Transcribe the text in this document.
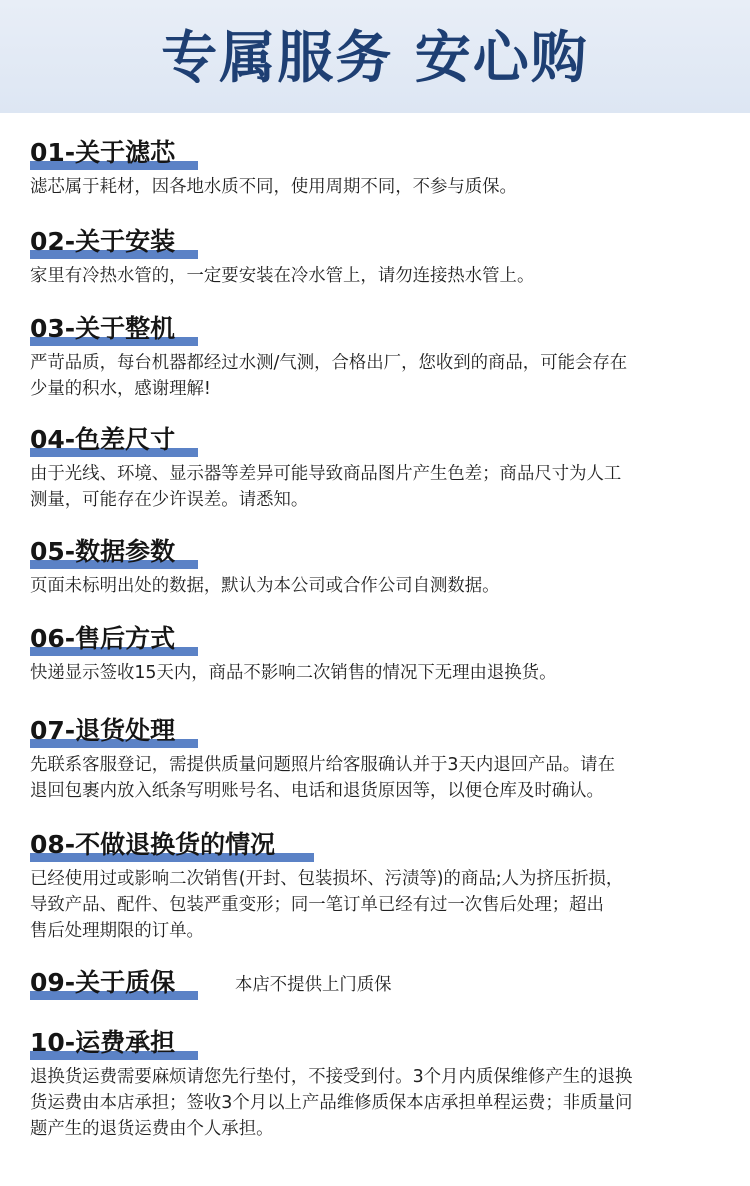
专属服务 安心购
01-关于滤芯
滤芯属于耗材，因各地水质不同，使用周期不同，不参与质保。
02-关于安装
家里有冷热水管的，一定要安装在冷水管上，请勿连接热水管上。
03-关于整机
严苛品质，每台机器都经过水测/气测，合格出厂，您收到的商品，可能会存在
少量的积水，感谢理解!
04-色差尺寸
由于光线、环境、显示器等差异可能导致商品图片产生色差；商品尺寸为人工
测量，可能存在少许误差。请悉知。
05-数据参数
页面未标明出处的数据，默认为本公司或合作公司自测数据。
06-售后方式
快递显示签收15天内，商品不影响二次销售的情况下无理由退换货。
07-退货处理
先联系客服登记，需提供质量问题照片给客服确认并于3天内退回产品。请在
退回包裹内放入纸条写明账号名、电话和退货原因等，以便仓库及时确认。
08-不做退换货的情况
已经使用过或影响二次销售(开封、包装损坏、污渍等)的商品;人为挤压折损，
导致产品、配件、包装严重变形；同一笔订单已经有过一次售后处理；超出
售后处理期限的订单。
09-关于质保	本店不提供上门质保
10-运费承担
退换货运费需要麻烦请您先行垫付，不接受到付。3个月内质保维修产生的退换
货运费由本店承担；签收3个月以上产品维修质保本店承担单程运费；非质量问
题产生的退货运费由个人承担。
